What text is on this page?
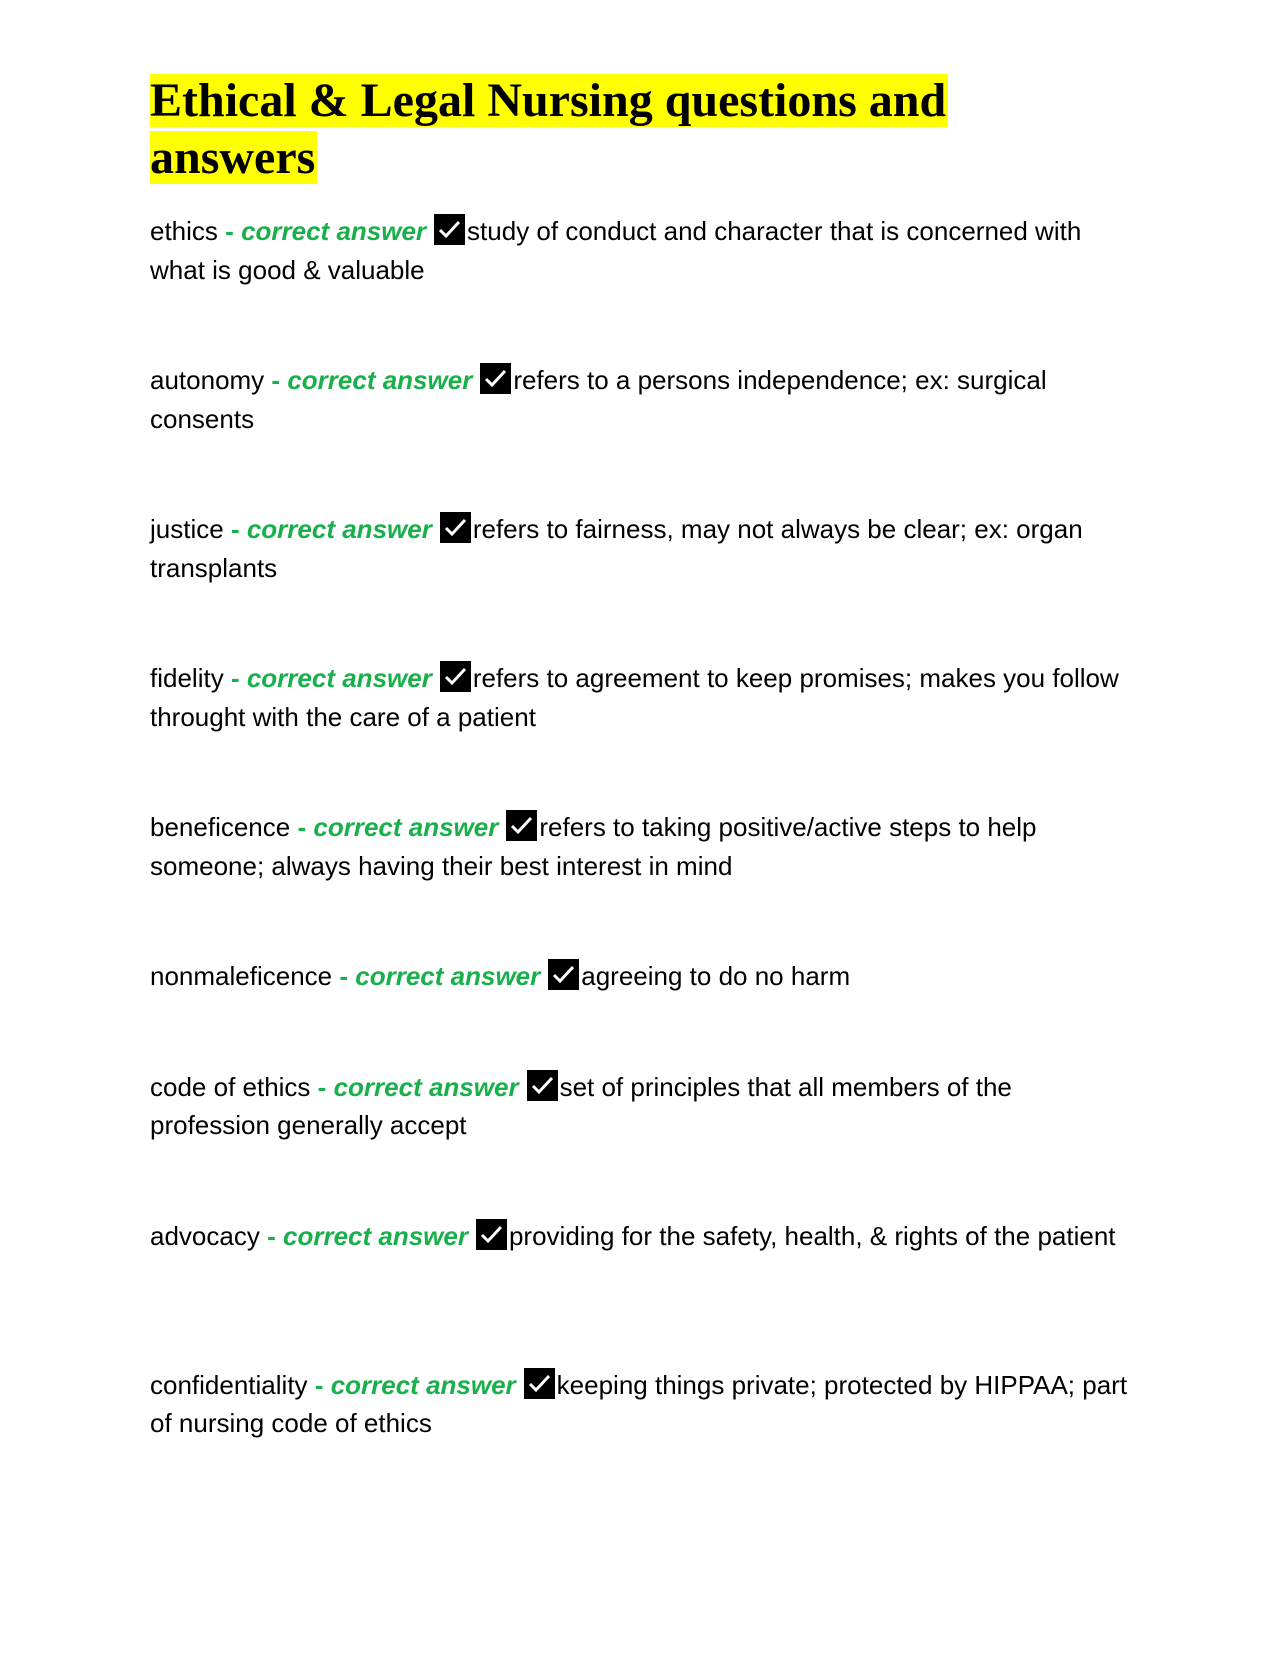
Ethical & Legal Nursing questions and answers
ethics - correct answer study of conduct and character that is concerned with what is good & valuable
autonomy - correct answer refers to a persons independence; ex: surgical consents
justice - correct answer refers to fairness, may not always be clear; ex: organ transplants
fidelity - correct answer refers to agreement to keep promises; makes you follow throught with the care of a patient
beneficence - correct answer refers to taking positive/active steps to help someone; always having their best interest in mind
nonmaleficence - correct answer agreeing to do no harm
code of ethics - correct answer set of principles that all members of the profession generally accept
advocacy - correct answer providing for the safety, health, & rights of the patient
confidentiality - correct answer keeping things private; protected by HIPPAA; part of nursing code of ethics
